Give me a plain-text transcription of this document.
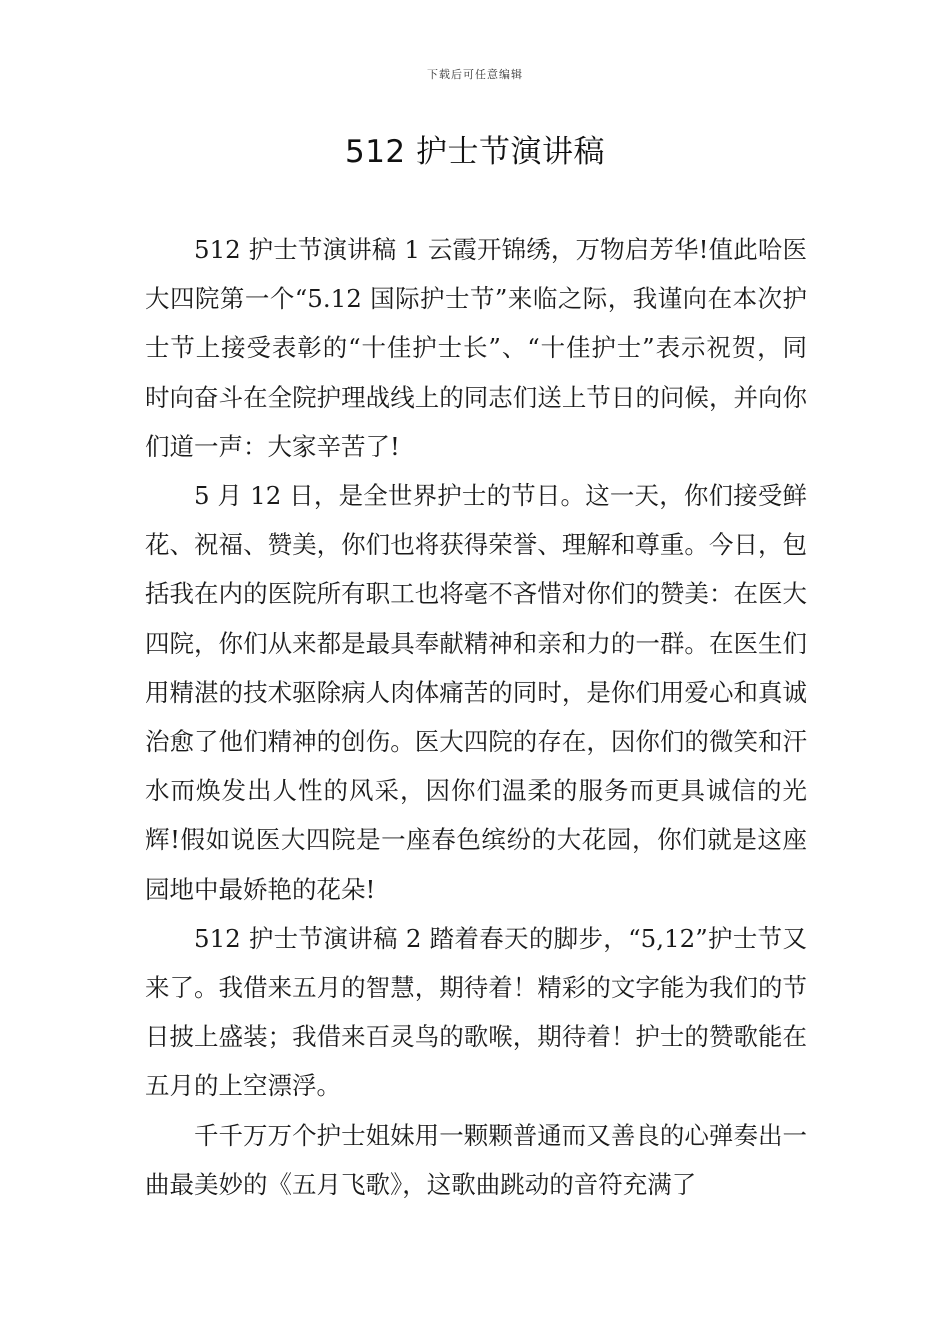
下载后可任意编辑
512 护士节演讲稿

512 护士节演讲稿 1 云霞开锦绣，万物启芳华!值此哈医大四院第一个“5.12 国际护士节”来临之际，我谨向在本次护士节上接受表彰的“十佳护士长”、“十佳护士”表示祝贺，同时向奋斗在全院护理战线上的同志们送上节日的问候，并向你们道一声：大家辛苦了!

5 月 12 日，是全世界护士的节日。这一天，你们接受鲜花、祝福、赞美，你们也将获得荣誉、理解和尊重。今日，包括我在内的医院所有职工也将毫不吝惜对你们的赞美：在医大四院，你们从来都是最具奉献精神和亲和力的一群。在医生们用精湛的技术驱除病人肉体痛苦的同时，是你们用爱心和真诚治愈了他们精神的创伤。医大四院的存在，因你们的微笑和汗水而焕发出人性的风采，因你们温柔的服务而更具诚信的光辉!假如说医大四院是一座春色缤纷的大花园，你们就是这座园地中最娇艳的花朵!

512 护士节演讲稿 2 踏着春天的脚步，“5,12”护士节又来了。我借来五月的智慧，期待着！精彩的文字能为我们的节日披上盛装；我借来百灵鸟的歌喉，期待着！护士的赞歌能在五月的上空漂浮。

千千万万个护士姐妹用一颗颗普通而又善良的心弹奏出一曲最美妙的《五月飞歌》，这歌曲跳动的音符充满了
